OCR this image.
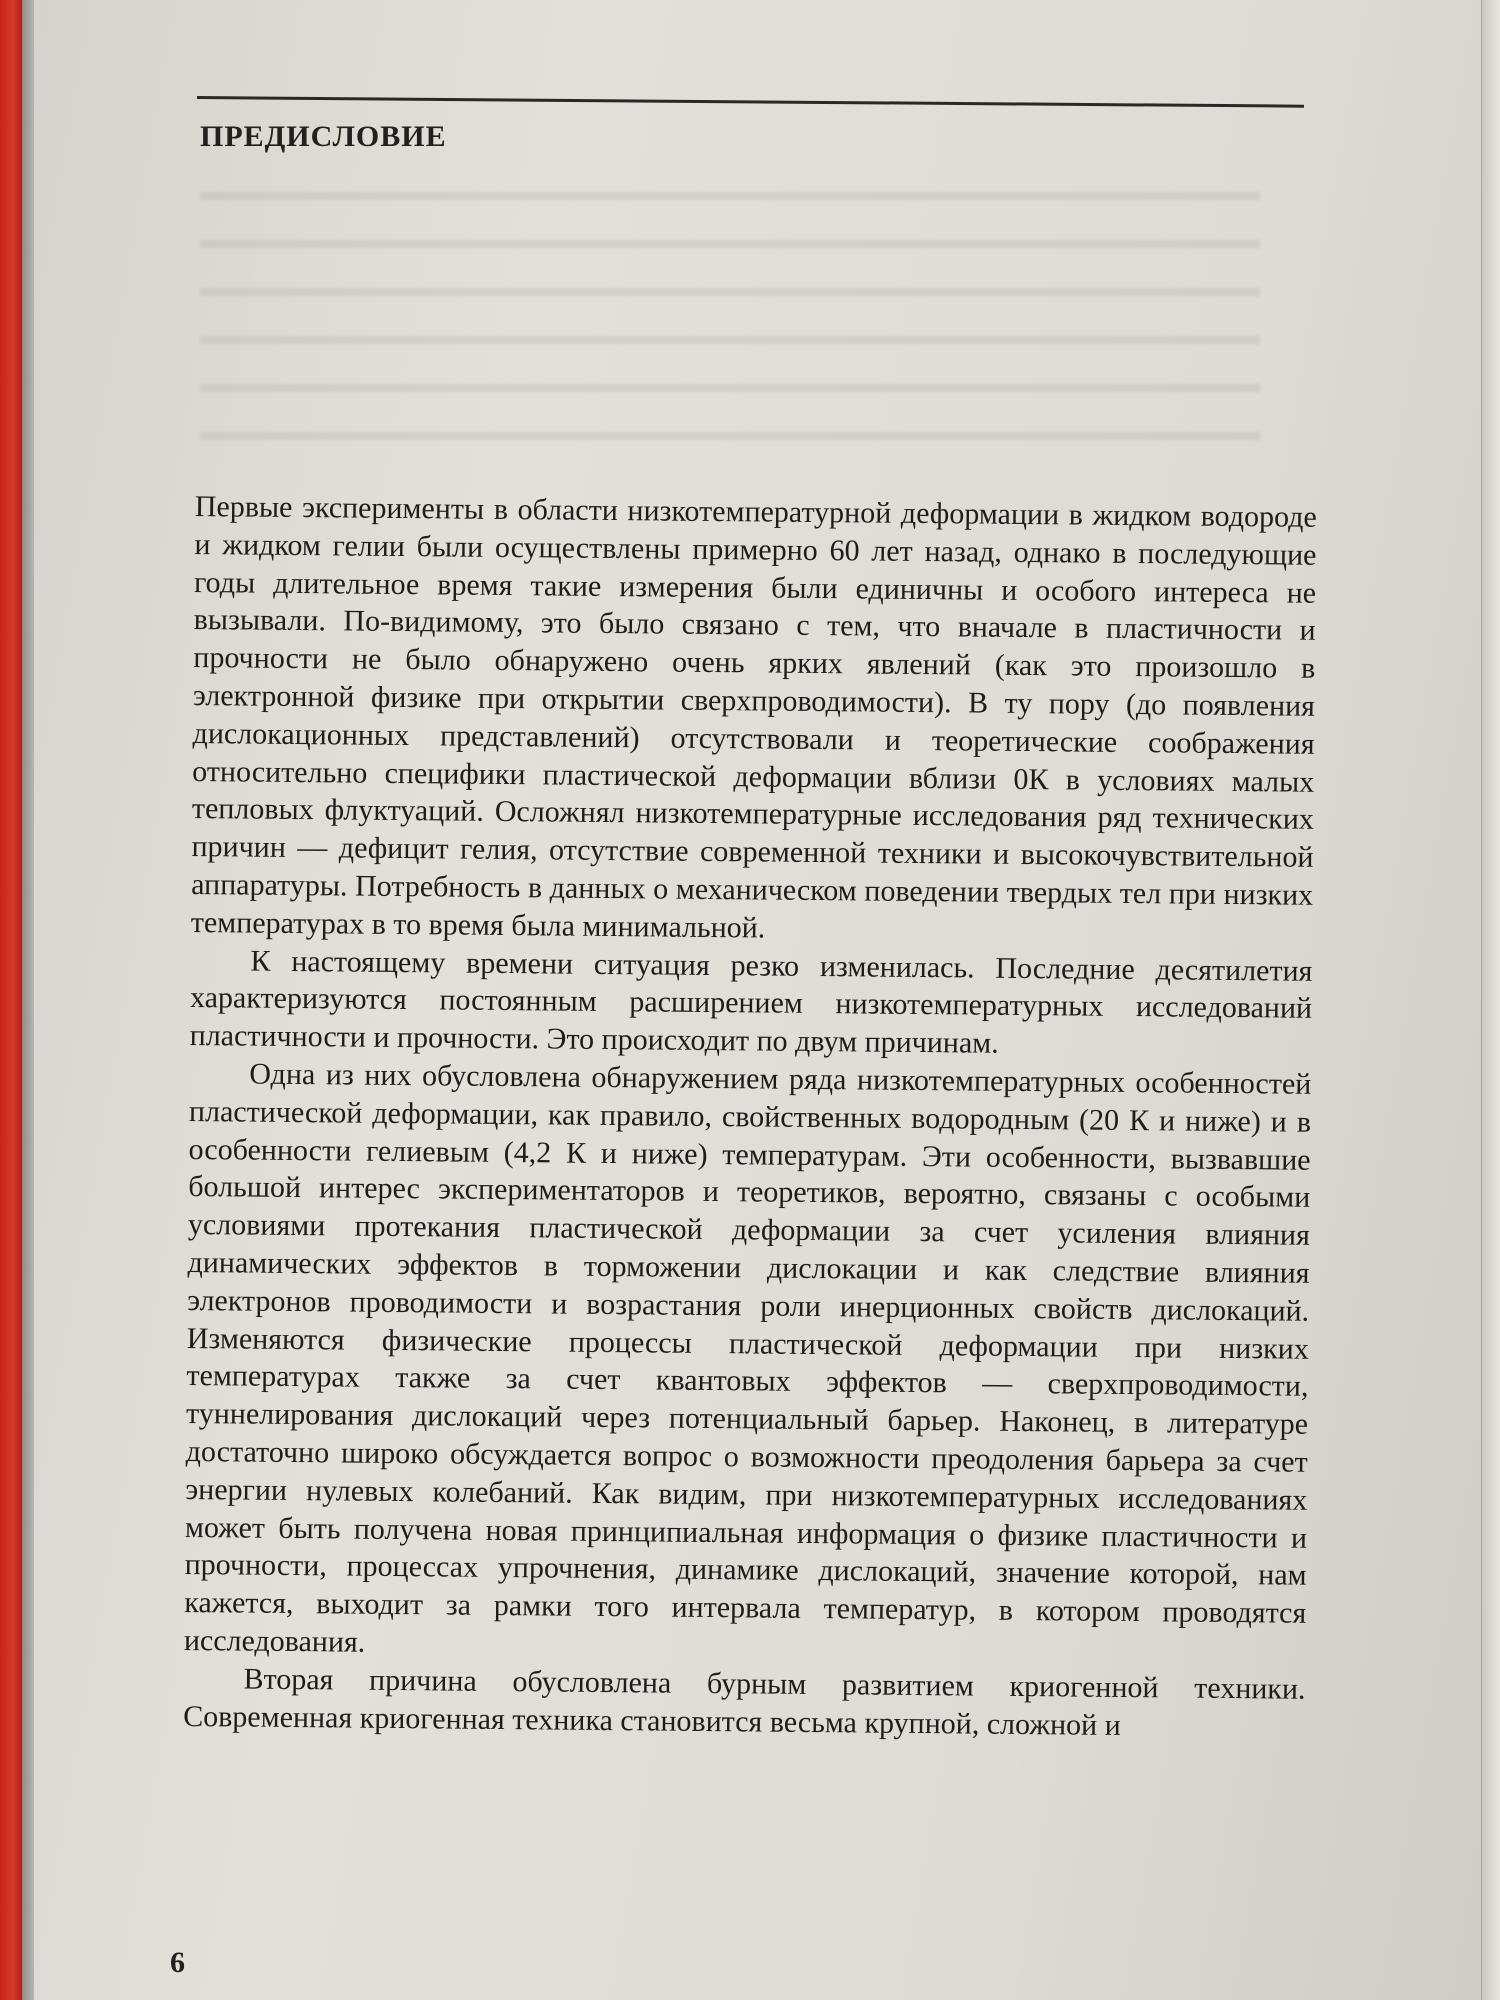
ПРЕДИСЛОВИЕ

Первые эксперименты в области низкотемпературной деформации в жидком водороде и жидком гелии были осуществлены примерно 60 лет назад, однако в последующие годы длительное время такие измерения были единичны и особого интереса не вызывали. По-видимому, это было связано с тем, что вначале в пластичности и прочности не было обнаружено очень ярких явлений (как это произошло в электронной физике при открытии сверхпроводимости). В ту пору (до появления дислокационных представлений) отсутствовали и теоретические соображения относительно специфики пластической деформации вблизи 0К в условиях малых тепловых флуктуаций. Осложнял низкотемпературные исследования ряд технических причин — дефицит гелия, отсутствие современной техники и высокочувствительной аппаратуры. Потребность в данных о механическом поведении твердых тел при низких температурах в то время была минимальной.

К настоящему времени ситуация резко изменилась. Последние десятилетия характеризуются постоянным расширением низкотемпературных исследований пластичности и прочности. Это происходит по двум причинам.

Одна из них обусловлена обнаружением ряда низкотемпературных особенностей пластической деформации, как правило, свойственных водородным (20 К и ниже) и в особенности гелиевым (4,2 К и ниже) температурам. Эти особенности, вызвавшие большой интерес экспериментаторов и теоретиков, вероятно, связаны с особыми условиями протекания пластической деформации за счет усиления влияния динамических эффектов в торможении дислокации и как следствие влияния электронов проводимости и возрастания роли инерционных свойств дислокаций. Изменяются физические процессы пластической деформации при низких температурах также за счет квантовых эффектов — сверхпроводимости, туннелирования дислокаций через потенциальный барьер. Наконец, в литературе достаточно широко обсуждается вопрос о возможности преодоления барьера за счет энергии нулевых колебаний. Как видим, при низкотемпературных исследованиях может быть получена новая принципиальная информация о физике пластичности и прочности, процессах упрочнения, динамике дислокаций, значение которой, нам кажется, выходит за рамки того интервала температур, в котором проводятся исследования.

Вторая причина обусловлена бурным развитием криогенной техники. Современная криогенная техника становится весьма крупной, сложной и

6
